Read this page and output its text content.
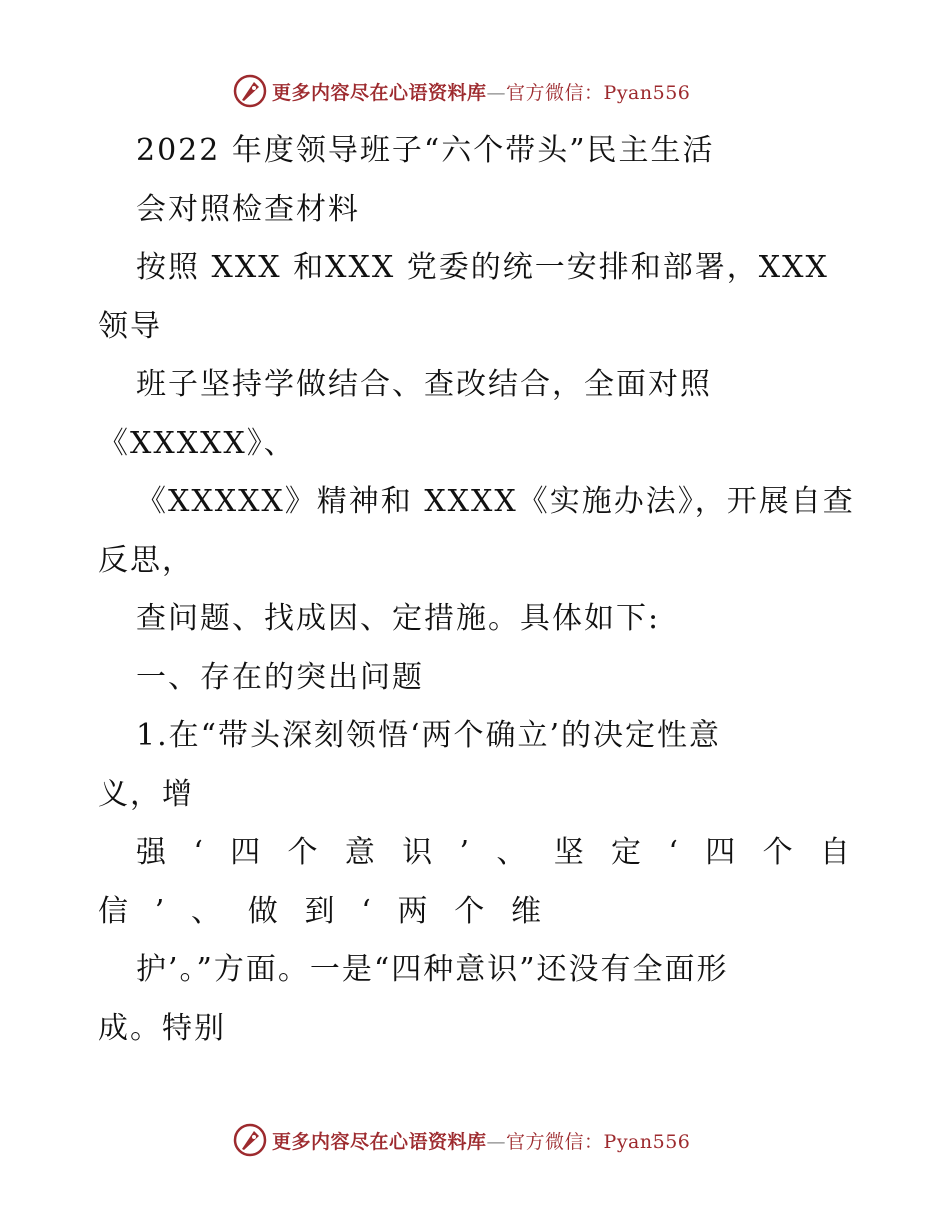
更多内容尽在心语资料库—官方微信：Pyan556
2022 年度领导班子“六个带头”民主生活
会对照检查材料
按照 XXX 和XXX 党委的统一安排和部署，XXX
领导
班子坚持学做结合、查改结合，全面对照
《XXXXX》、
《XXXXX》精神和 XXXX《实施办法》，开展自查
反思，
查问题、找成因、定措施。具体如下:
一、存在的突出问题
1.在“带头深刻领悟‘两个确立’的决定性意
义，增
强 ‘ 四 个 意 识 ’ 、 坚 定 ‘ 四 个 自
信 ’ 、 做 到 ‘ 两 个 维
护’。”方面。一是“四种意识”还没有全面形
成。特别
更多内容尽在心语资料库—官方微信：Pyan556
